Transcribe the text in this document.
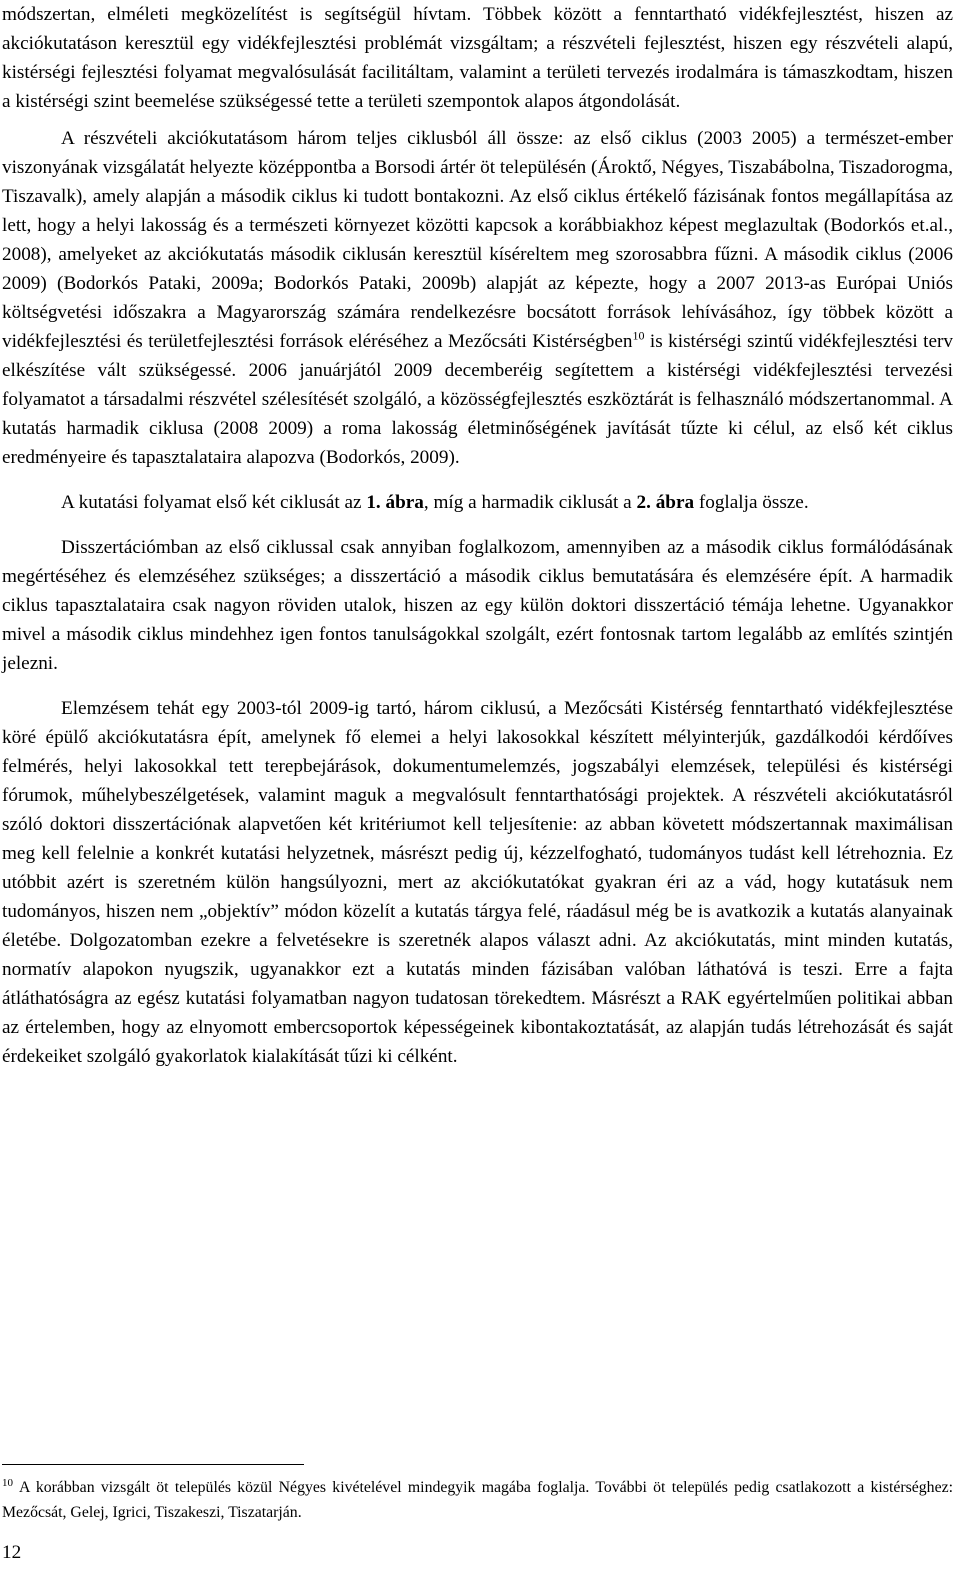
módszertan, elméleti megközelítést is segítségül hívtam. Többek között a fenntartható vidékfejlesztést, hiszen az akciókutatáson keresztül egy vidékfejlesztési problémát vizsgáltam; a részvételi fejlesztést, hiszen egy részvételi alapú, kistérségi fejlesztési folyamat megvalósulását facilitáltam, valamint a területi tervezés irodalmára is támaszkodtam, hiszen a kistérségi szint beemelése szükségessé tette a területi szempontok alapos átgondolását.

A részvételi akciókutatásom három teljes ciklusból áll össze: az első ciklus (2003 2005) a természet-ember viszonyának vizsgálatát helyezte középpontba a Borsodi ártér öt településén (Ároktő, Négyes, Tiszabábolna, Tiszadorogma, Tiszavalk), amely alapján a második ciklus ki tudott bontakozni. Az első ciklus értékelő fázisának fontos megállapítása az lett, hogy a helyi lakosság és a természeti környezet közötti kapcsok a korábbiakhoz képest meglazultak (Bodorkós et.al., 2008), amelyeket az akciókutatás második ciklusán keresztül kíséreltem meg szorosabbra fűzni. A második ciklus (2006 2009) (Bodorkós Pataki, 2009a; Bodorkós Pataki, 2009b) alapját az képezte, hogy a 2007 2013-as Európai Uniós költségvetési időszakra a Magyarország számára rendelkezésre bocsátott források lehívásához, így többek között a vidékfejlesztési és területfejlesztési források eléréséhez a Mezőcsáti Kistérségben$^{10}$ is kistérségi szintű vidékfejlesztési terv elkészítése vált szükségessé. 2006 januárjától 2009 decemberéig segítettem a kistérségi vidékfejlesztési tervezési folyamatot a társadalmi részvétel szélesítését szolgáló, a közösségfejlesztés eszköztárát is felhasználó módszertanommal. A kutatás harmadik ciklusa (2008 2009) a roma lakosság életminőségének javítását tűzte ki célul, az első két ciklus eredményeire és tapasztalataira alapozva (Bodorkós, 2009).

A kutatási folyamat első két ciklusát az 1. ábra, míg a harmadik ciklusát a 2. ábra foglalja össze.

Disszertációmban az első ciklussal csak annyiban foglalkozom, amennyiben az a második ciklus formálódásának megértéséhez és elemzéséhez szükséges; a disszertáció a második ciklus bemutatására és elemzésére épít. A harmadik ciklus tapasztalataira csak nagyon röviden utalok, hiszen az egy külön doktori disszertáció témája lehetne. Ugyanakkor mivel a második ciklus mindehhez igen fontos tanulságokkal szolgált, ezért fontosnak tartom legalább az említés szintjén jelezni.

Elemzésem tehát egy 2003-tól 2009-ig tartó, három ciklusú, a Mezőcsáti Kistérség fenntartható vidékfejlesztése köré épülő akciókutatásra épít, amelynek fő elemei a helyi lakosokkal készített mélyinterjúk, gazdálkodói kérdőíves felmérés, helyi lakosokkal tett terepbejárások, dokumentumelemzés, jogszabályi elemzések, települési és kistérségi fórumok, műhelybeszélgetések, valamint maguk a megvalósult fenntarthatósági projektek. A részvételi akciókutatásról szóló doktori disszertációnak alapvetően két kritériumot kell teljesítenie: az abban követett módszertannak maximálisan meg kell felelnie a konkrét kutatási helyzetnek, másrészt pedig új, kézzelfogható, tudományos tudást kell létrehoznia. Ez utóbbit azért is szeretném külön hangsúlyozni, mert az akciókutatókat gyakran éri az a vád, hogy kutatásuk nem tudományos, hiszen nem „objektív” módon közelít a kutatás tárgya felé, ráadásul még be is avatkozik a kutatás alanyainak életébe. Dolgozatomban ezekre a felvetésekre is szeretnék alapos választ adni. Az akciókutatás, mint minden kutatás, normatív alapokon nyugszik, ugyanakkor ezt a kutatás minden fázisában valóban láthatóvá is teszi. Erre a fajta átláthatóságra az egész kutatási folyamatban nagyon tudatosan törekedtem. Másrészt a RAK egyértelműen politikai abban az értelemben, hogy az elnyomott embercsoportok képességeinek kibontakoztatását, az alapján tudás létrehozását és saját érdekeiket szolgáló gyakorlatok kialakítását tűzi ki célként.

$^{10}$ A korábban vizsgált öt település közül Négyes kivételével mindegyik magába foglalja. További öt település pedig csatlakozott a kistérséghez: Mezőcsát, Gelej, Igrici, Tiszakeszi, Tiszatarján.

12
